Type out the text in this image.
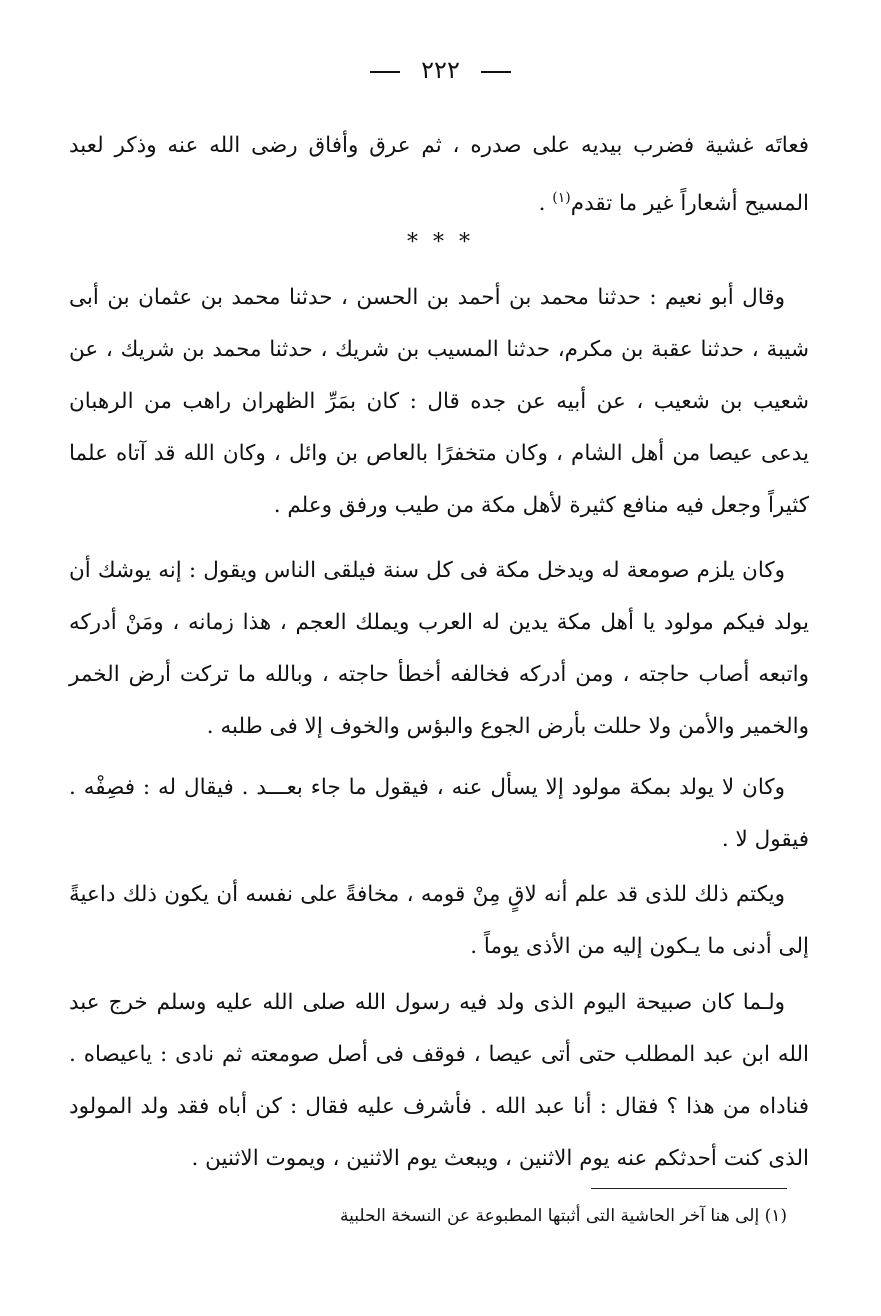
٢٢٢

فعاتَه غشية فضرب بيديه على صدره ، ثم عرق وأفاق رضى الله عنه وذكر لعبد المسيح أشعاراً غير ما تقدم$^{(١)}$ .

* * *

وقال أبو نعيم : حدثنا محمد بن أحمد بن الحسن ، حدثنا محمد بن عثمان بن أبى شيبة ، حدثنا عقبة بن مكرم، حدثنا المسيب بن شريك ، حدثنا محمد بن شريك ، عن شعيب بن شعيب ، عن أبيه عن جده قال : كان بمَرِّ الظهران راهب من الرهبان يدعى عيصا من أهل الشام ، وكان متخفرًا بالعاص بن وائل ، وكان الله قد آتاه علما كثيراً وجعل فيه منافع كثيرة لأهل مكة من طيب ورفق وعلم .

وكان يلزم صومعة له ويدخل مكة فى كل سنة فيلقى الناس ويقول : إنه يوشك أن يولد فيكم مولود يا أهل مكة يدين له العرب ويملك العجم ، هذا زمانه ، ومَنْ أدركه واتبعه أصاب حاجته ، ومن أدركه فخالفه أخطأ حاجته ، وبالله ما تركت أرض الخمر والخمير والأمن ولا حللت بأرض الجوع والبؤس والخوف إلا فى طلبه .

وكان لا يولد بمكة مولود إلا يسأل عنه ، فيقول ما جاء بعـــد . فيقال له : فصِفْه . فيقول لا .

ويكتم ذلك للذى قد علم أنه لاقٍ مِنْ قومه ، مخافةً على نفسه أن يكون ذلك داعيةً إلى أدنى ما يـكون إليه من الأذى يوماً .

ولـما كان صبيحة اليوم الذى ولد فيه رسول الله صلى الله عليه وسلم خرج عبد الله ابن عبد المطلب حتى أتى عيصا ، فوقف فى أصل صومعته ثم نادى : ياعيصاه . فناداه من هذا ؟ فقال : أنا عبد الله . فأشرف عليه فقال : كن أباه فقد ولد المولود الذى كنت أحدثكم عنه يوم الاثنين ، ويبعث يوم الاثنين ، ويموت الاثنين .

(١) إلى هنا آخر الحاشية التى أثبتها المطبوعة عن النسخة الحلبية
